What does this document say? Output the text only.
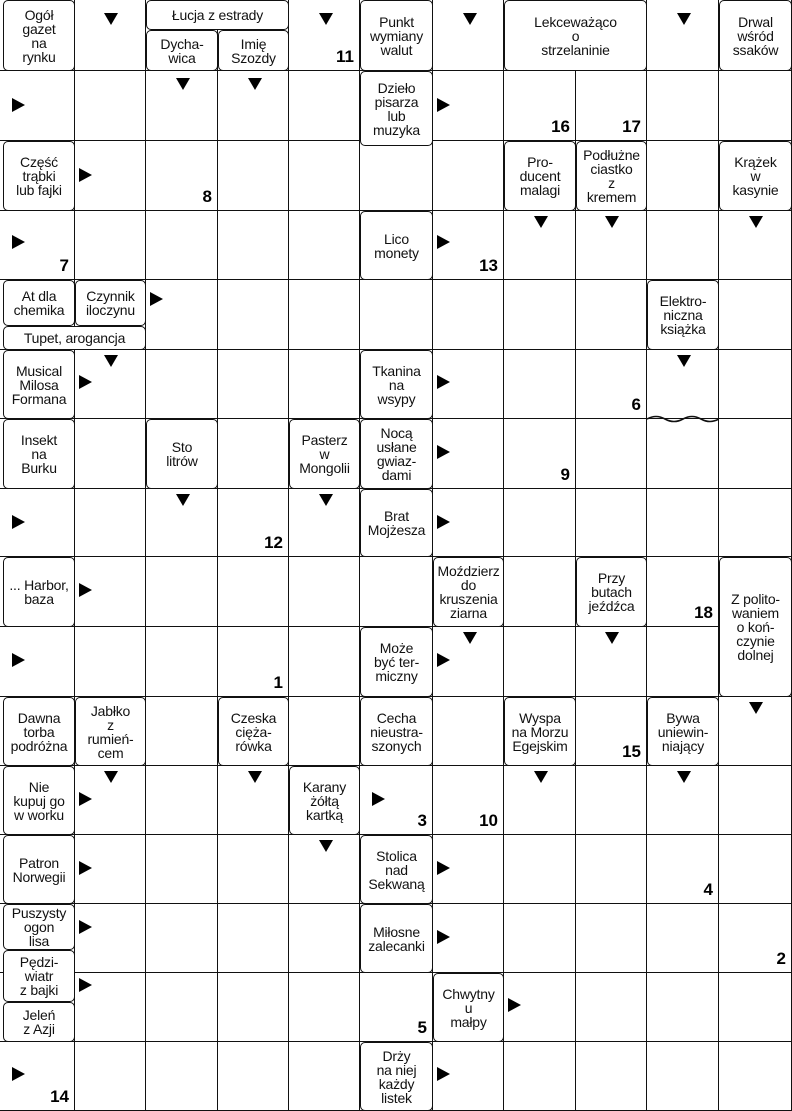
Ogół
gazet
na
rynku
Łucja z estrady
Dycha-
wica
Imię
Szozdy
Punkt
wymiany
walut
Lekceważąco
o
strzelaninie
Drwal
wśród
ssaków
Dzieło
pisarza
lub
muzyka
Część
trąbki
lub fajki
Pro-
ducent
malagi
Podłużne
ciastko
z
kremem
Krążek
w
kasynie
Lico
monety
At dla
chemika
Czynnik
iloczynu
Tupet, arogancja
Elektro-
niczna
książka
Musical
Milosa
Formana
Tkanina
na
wsypy
Insekt
na
Burku
Sto
litrów
Pasterz
w
Mongolii
Nocą
usłane
gwiaz-
dami
Brat
Mojżesza
... Harbor,
baza
Moździerz
do
kruszenia
ziarna
Przy
butach
jeźdźca	Z polito-
waniem
o koń-
czynie
dolnej
Może
być ter-
miczny
Dawna
torba
podróżna
Jabłko
z
rumień-
cem
Czeska
cięża-
rówka
Cecha
nieustra-
szonych
Wyspa
na Morzu
Egejskim
Bywa
uniewin-
niający
Nie
kupuj go
w worku
Karany
żółtą
kartką
Patron
Norwegii
Stolica
nad
Sekwaną
Puszysty
ogon
lisa
Miłosne
zalecanki
Pędzi-
wiatr
z bajki	Chwytny
u
małpy
Jeleń
z Azji
Drży
na niej
każdy
listek
11
16	17
8
7	13
6
9
12
18
1
15
3	10
4
2
5
14
